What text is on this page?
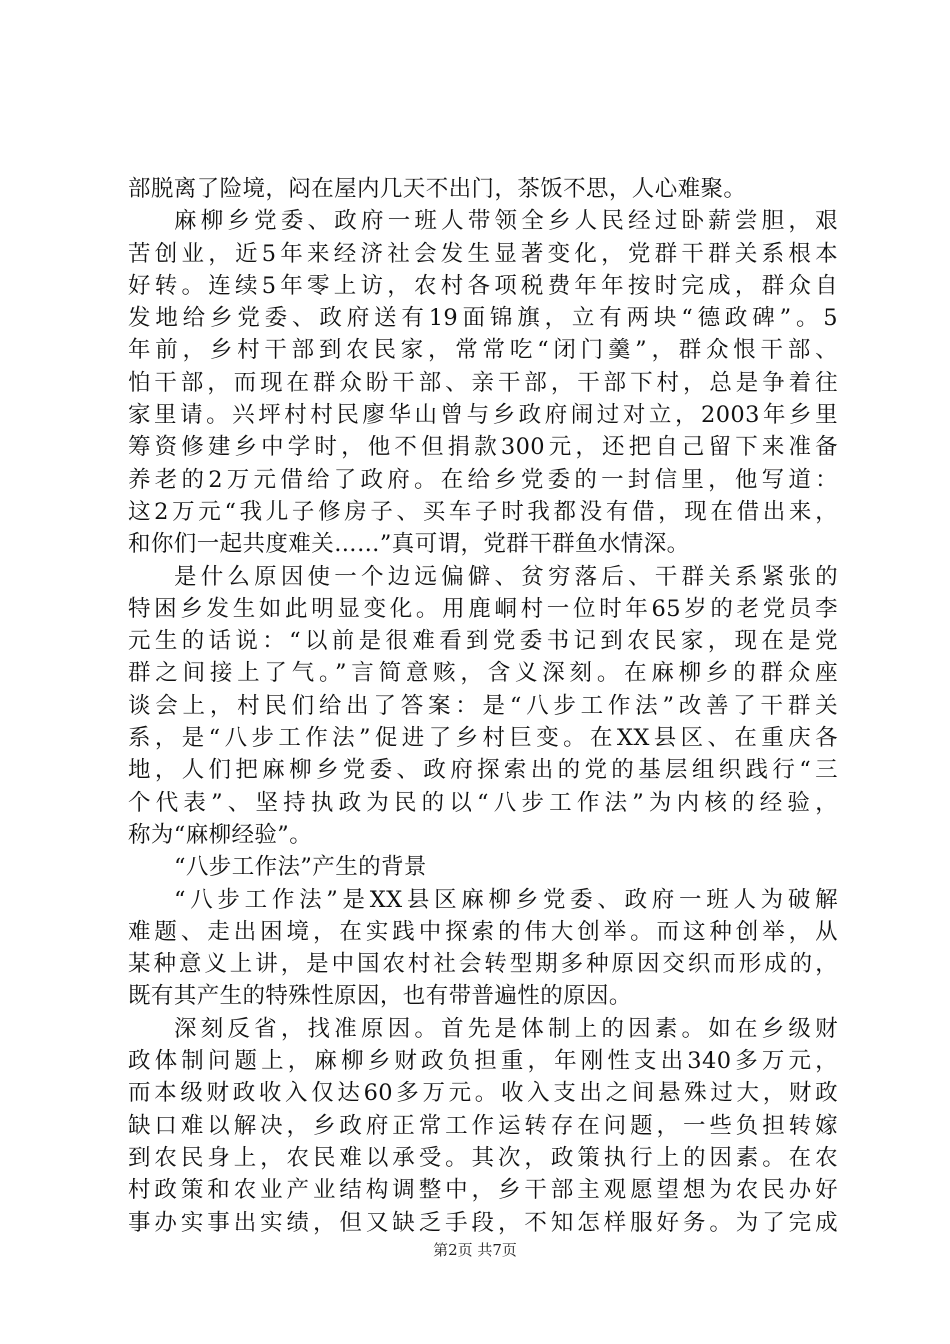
部脱离了险境，闷在屋内几天不出门，茶饭不思，人心难聚。
麻柳乡党委、政府一班人带领全乡人民经过卧薪尝胆，艰
苦创业，近5年来经济社会发生显著变化，党群干群关系根本
好转。连续5年零上访，农村各项税费年年按时完成，群众自
发地给乡党委、政府送有19面锦旗，立有两块“德政碑”。5
年前，乡村干部到农民家，常常吃“闭门羹”，群众恨干部、
怕干部，而现在群众盼干部、亲干部，干部下村，总是争着往
家里请。兴坪村村民廖华山曾与乡政府闹过对立，2003年乡里
筹资修建乡中学时，他不但捐款300元，还把自己留下来准备
养老的2万元借给了政府。在给乡党委的一封信里，他写道：
这2万元“我儿子修房子、买车子时我都没有借，现在借出来，
和你们一起共度难关……”真可谓，党群干群鱼水情深。
是什么原因使一个边远偏僻、贫穷落后、干群关系紧张的
特困乡发生如此明显变化。用鹿峒村一位时年65岁的老党员李
元生的话说：“以前是很难看到党委书记到农民家，现在是党
群之间接上了气。”言简意赅，含义深刻。在麻柳乡的群众座
谈会上，村民们给出了答案：是“八步工作法”改善了干群关
系，是“八步工作法”促进了乡村巨变。在XX县区、在重庆各
地，人们把麻柳乡党委、政府探索出的党的基层组织践行“三
个代表”、坚持执政为民的以“八步工作法”为内核的经验，
称为“麻柳经验”。
“八步工作法”产生的背景
“八步工作法”是XX县区麻柳乡党委、政府一班人为破解
难题、走出困境，在实践中探索的伟大创举。而这种创举，从
某种意义上讲，是中国农村社会转型期多种原因交织而形成的，
既有其产生的特殊性原因，也有带普遍性的原因。
深刻反省，找准原因。首先是体制上的因素。如在乡级财
政体制问题上，麻柳乡财政负担重，年刚性支出340多万元，
而本级财政收入仅达60多万元。收入支出之间悬殊过大，财政
缺口难以解决，乡政府正常工作运转存在问题，一些负担转嫁
到农民身上，农民难以承受。其次，政策执行上的因素。在农
村政策和农业产业结构调整中，乡干部主观愿望想为农民办好
事办实事出实绩，但又缺乏手段，不知怎样服好务。为了完成
第2页 共7页
